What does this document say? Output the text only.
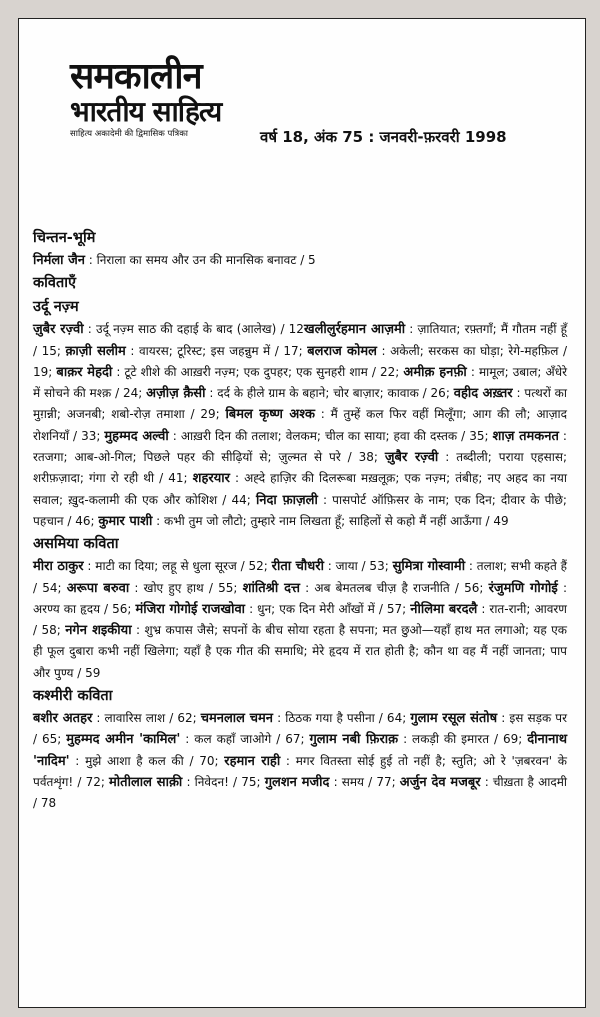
समकालीन
भारतीय साहित्य
साहित्य अकादेमी की द्विमासिक पत्रिका	वर्ष 18, अंक 75 : जनवरी-फ़रवरी 1998
चिन्तन-भूमि

निर्मला जैन : निराला का समय और उन की मानसिक बनावट / 5

कविताएँ
उर्दू नज़्म

ज़ुबैर रज़्वी : उर्दू नज़्म साठ की दहाई के बाद (आलेख) / 12खलीलुर्रहमान आज़मी : ज़ातियात; रफ़्तगाँ; मैं गौतम नहीं हूँ / 15; क़ाज़ी सलीम : वायरस; टूरिस्ट; इस जहन्नुम में / 17; बलराज कोमल : अकेली; सरकस का घोड़ा; रेगे-महफ़िल / 19; बाक़र मेहदी : टूटे शीशे की आख़री नज़्म; एक दुपहर; एक सुनहरी शाम / 22; अमीक़ हनफ़ी : मामूल; उबाल; अँधेरे में सोचने की मश्क़ / 24; अज़ीज़ क़ैसी : दर्द के हीले ग्राम के बहाने; चोर बाज़ार; कावाक / 26; वहीद अख़्तर : पत्थरों का मुग़न्नी; अजनबी; शबो-रोज़ तमाशा / 29; बिमल कृष्ण अश्क : मैं तुम्हें कल फिर वहीं मिलूँगा; आग की लौ; आज़ाद रोशनियाँ / 33; मुहम्मद अल्वी : आख़री दिन की तलाश; वेलकम; चील का साया; हवा की दस्तक / 35; शाज़ तमकनत : रतजगा; आब-ओ-गिल; पिछले पहर की सीढ़ियों से; ज़ुल्मत से परे / 38; ज़ुबैर रज़्वी : तब्दीली; पराया एहसास; शरीफ़ज़ादा; गंगा रो रही थी / 41; शहरयार : अह्दे हाज़िर की दिलरूबा मख़लूक़; एक नज़्म; तंबीह; नए अहद का नया सवाल; ख़ुद-कलामी की एक और कोशिश / 44; निदा फ़ाज़ली : पासपोर्ट ऑफ़िसर के नाम; एक दिन; दीवार के पीछे; पहचान / 46; कुमार पाशी : कभी तुम जो लौटो; तुम्हारे नाम लिखता हूँ; साहिलों से कहो मैं नहीं आऊँगा / 49

असमिया कविता

मीरा ठाकुर : माटी का दिया; लहू से धुला सूरज / 52; रीता चौधरी : जाया / 53; सुमित्रा गोस्वामी : तलाश; सभी कहते हैं / 54; अरूपा बरुवा : खोए हुए हाथ / 55; शांतिश्री दत्त : अब बेमतलब चीज़ है राजनीति / 56; रंजुमणि गोगोई : अरण्य का हृदय / 56; मंजिरा गोगोई राजखोवा : धुन; एक दिन मेरी आँखों में / 57; नीलिमा बरदलै : रात-रानी; आवरण / 58; नगेन शइकीया : शुभ्र कपास जैसे; सपनों के बीच सोया रहता है सपना; मत छुओ—यहाँ हाथ मत लगाओ; यह एक ही फूल दुबारा कभी नहीं खिलेगा; यहाँ है एक गीत की समाधि; मेरे हृदय में रात होती है; कौन था वह मैं नहीं जानता; पाप और पुण्य / 59

कश्मीरी कविता

बशीर अतहर : लावारिस लाश / 62; चमनलाल चमन : ठिठक गया है पसीना / 64; गुलाम रसूल संतोष : इस सड़क पर / 65; मुहम्मद अमीन 'कामिल' : कल कहाँ जाओगे / 67; गुलाम नबी फ़िराक़ : लकड़ी की इमारत / 69; दीनानाथ 'नादिम' : मुझे आशा है कल की / 70; रहमान राही : मगर वितस्ता सोई हुई तो नहीं है; स्तुति; ओ रे 'ज़बरवन' के पर्वतशृंग! / 72; मोतीलाल साक़ी : निवेदन! / 75; गुलशन मजीद : समय / 77; अर्जुन देव मजबूर : चीख़ता है आदमी / 78
